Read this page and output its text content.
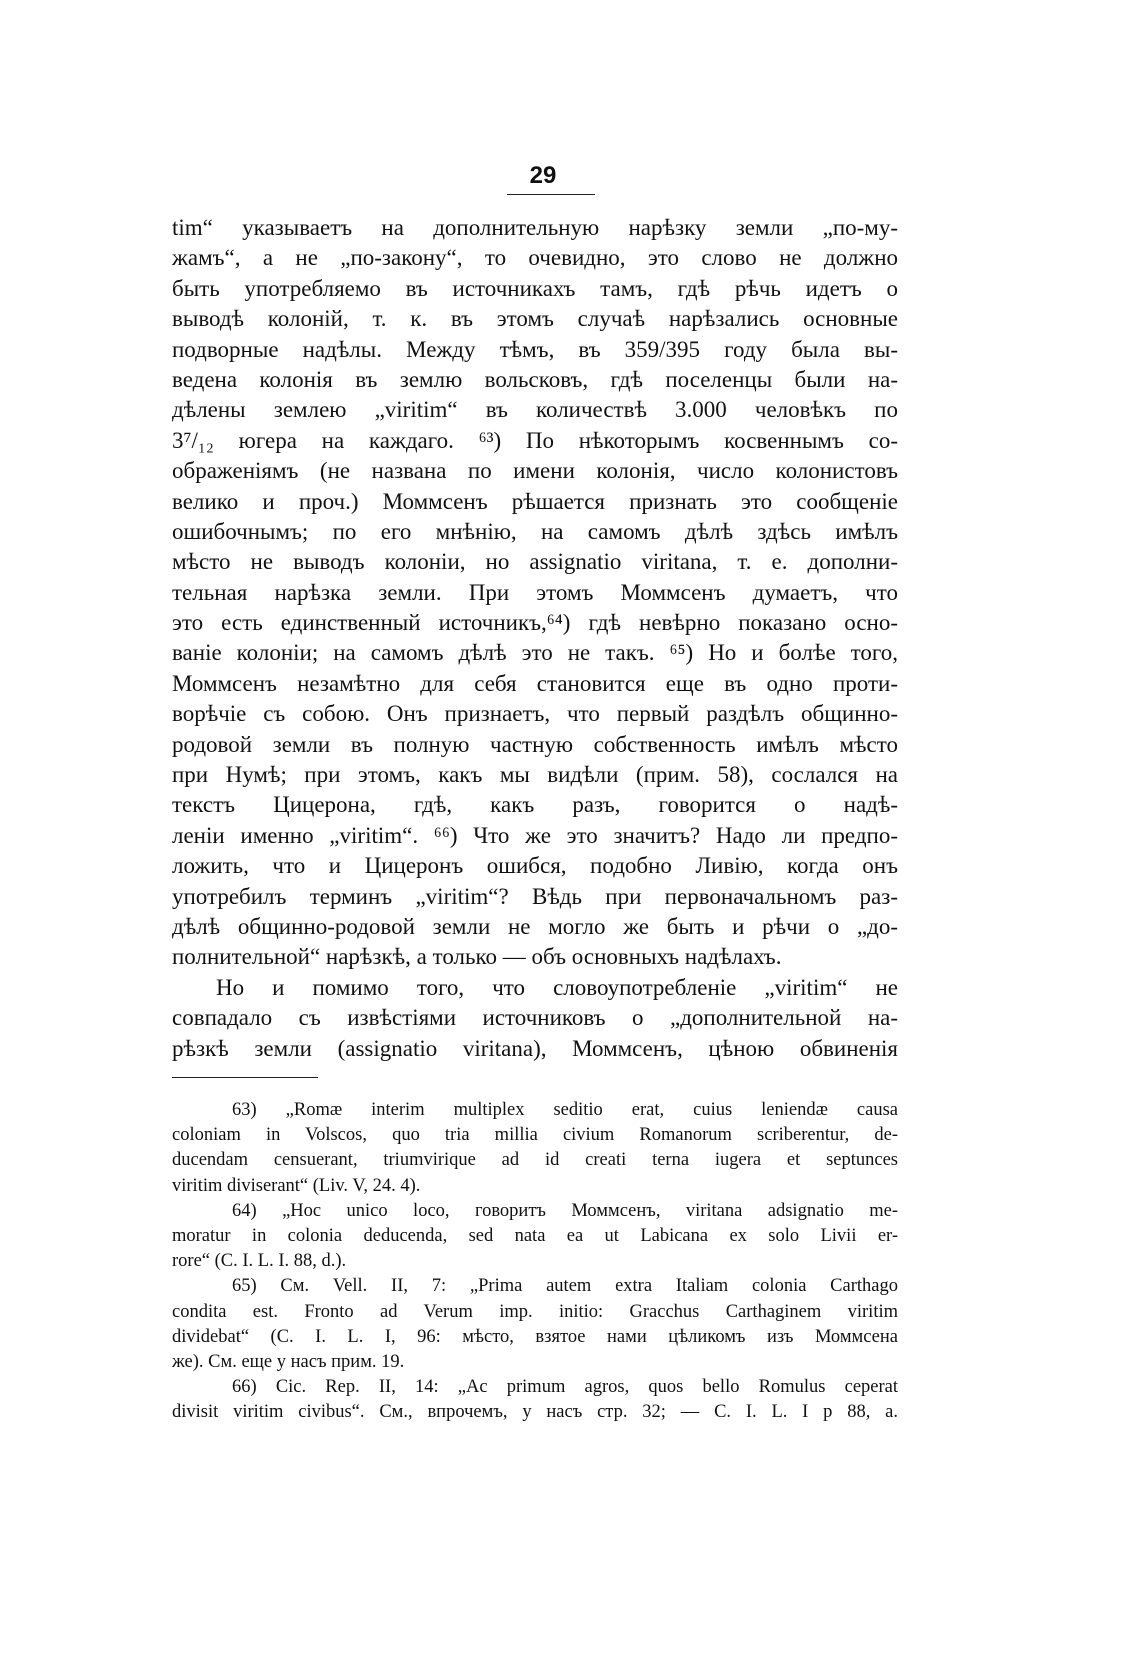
29
tim“ указываетъ на дополнительную нарѣзку земли „по-му-
жамъ“, а не „по-закону“, то очевидно, это слово не должно
быть употребляемо въ источникахъ тамъ, гдѣ рѣчь идетъ о
выводѣ колоній, т. к. въ этомъ случаѣ нарѣзались основные
подворные надѣлы. Между тѣмъ, въ 359/395 году была вы-
ведена колонія въ землю вольсковъ, гдѣ поселенцы были на-
дѣлены землею „viritim“ въ количествѣ 3.000 человѣкъ по
3⁷/₁₂ югера на каждаго. ⁶³) По нѣкоторымъ косвеннымъ со-
ображеніямъ (не названа по имени колонія, число колонистовъ
велико и проч.) Моммсенъ рѣшается признать это сообщеніе
ошибочнымъ; по его мнѣнію, на самомъ дѣлѣ здѣсь имѣлъ
мѣсто не выводъ колоніи, но assignatio viritana, т. е. дополни-
тельная нарѣзка земли. При этомъ Моммсенъ думаетъ, что
это есть единственный источникъ,⁶⁴) гдѣ невѣрно показано осно-
ваніе колоніи; на самомъ дѣлѣ это не такъ. ⁶⁵) Но и болѣе того,
Моммсенъ незамѣтно для себя становится еще въ одно проти-
ворѣчіе съ собою. Онъ признаетъ, что первый раздѣлъ общинно-
родовой земли въ полную частную собственность имѣлъ мѣсто
при Нумѣ; при этомъ, какъ мы видѣли (прим. 58), сослался на
текстъ Цицерона, гдѣ, какъ разъ, говорится о надѣ-
леніи именно „viritim“. ⁶⁶) Что же это значитъ? Надо ли предпо-
ложить, что и Цицеронъ ошибся, подобно Ливію, когда онъ
употребилъ терминъ „viritim“? Вѣдь при первоначальномъ раз-
дѣлѣ общинно-родовой земли не могло же быть и рѣчи о „до-
полнительной“ нарѣзкѣ, а только — объ основныхъ надѣлахъ.
Но и помимо того, что словоупотребленіе „viritim“ не
совпадало съ извѣстіями источниковъ о „дополнительной на-
рѣзкѣ земли (assignatio viritana), Моммсенъ, цѣною обвиненія
63) „Romæ interim multiplex seditio erat, cuius leniendæ causa
coloniam in Volscos, quo tria millia civium Romanorum scriberentur, de-
ducendam censuerant, triumvirique ad id creati terna iugera et septunces
viritim diviserant“ (Liv. V, 24. 4).
64) „Hoc unico loco, говоритъ Моммсенъ, viritana adsignatio me-
moratur in colonia deducenda, sed nata ea ut Labicana ex solo Livii er-
rore“ (C. I. L. I. 88, d.).
65) См. Vell. II, 7: „Prima autem extra Italiam colonia Carthago
condita est. Fronto ad Verum imp. initio: Gracchus Carthaginem viritim
dividebat“ (C. I. L. I, 96: мѣсто, взятое нами цѣликомъ изъ Моммсена
же). См. еще у насъ прим. 19.
66) Cic. Rep. II, 14: „Ac primum agros, quos bello Romulus ceperat
divisit viritim civibus“. См., впрочемъ, у насъ стр. 32; — C. I. L. I p 88, a.
